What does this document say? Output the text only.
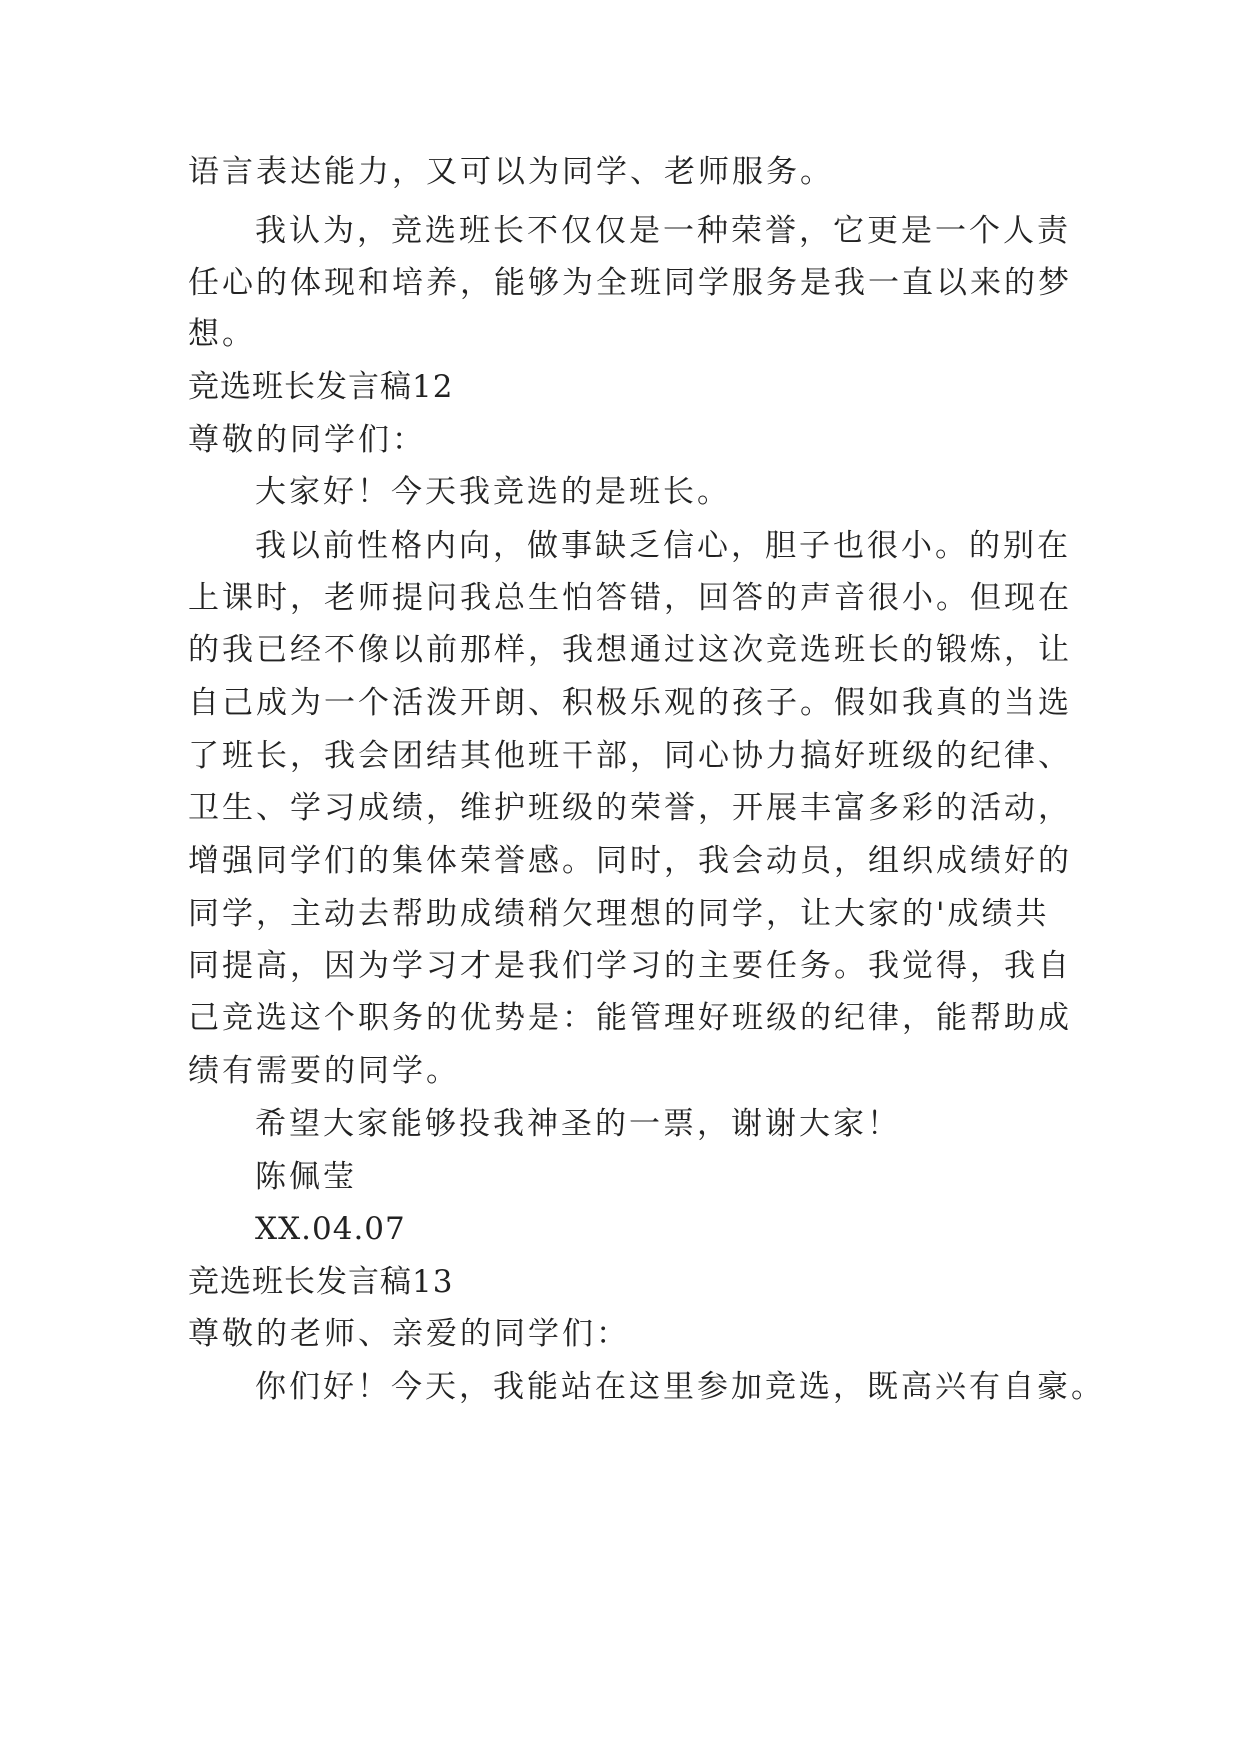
语言表达能力，又可以为同学、老师服务。
我认为，竞选班长不仅仅是一种荣誉，它更是一个人责
任心的体现和培养，能够为全班同学服务是我一直以来的梦
想。
竞选班长发言稿12
尊敬的同学们：
大家好！今天我竞选的是班长。
我以前性格内向，做事缺乏信心，胆子也很小。的别在
上课时，老师提问我总生怕答错，回答的声音很小。但现在
的我已经不像以前那样，我想通过这次竞选班长的锻炼，让
自己成为一个活泼开朗、积极乐观的孩子。假如我真的当选
了班长，我会团结其他班干部，同心协力搞好班级的纪律、
卫生、学习成绩，维护班级的荣誉，开展丰富多彩的活动，
增强同学们的集体荣誉感。同时，我会动员，组织成绩好的
同学，主动去帮助成绩稍欠理想的同学，让大家的'成绩共
同提高，因为学习才是我们学习的主要任务。我觉得，我自
己竞选这个职务的优势是：能管理好班级的纪律，能帮助成
绩有需要的同学。
希望大家能够投我神圣的一票，谢谢大家！
陈佩莹
XX.04.07
竞选班长发言稿13
尊敬的老师、亲爱的同学们：
你们好！今天，我能站在这里参加竞选，既高兴有自豪。
